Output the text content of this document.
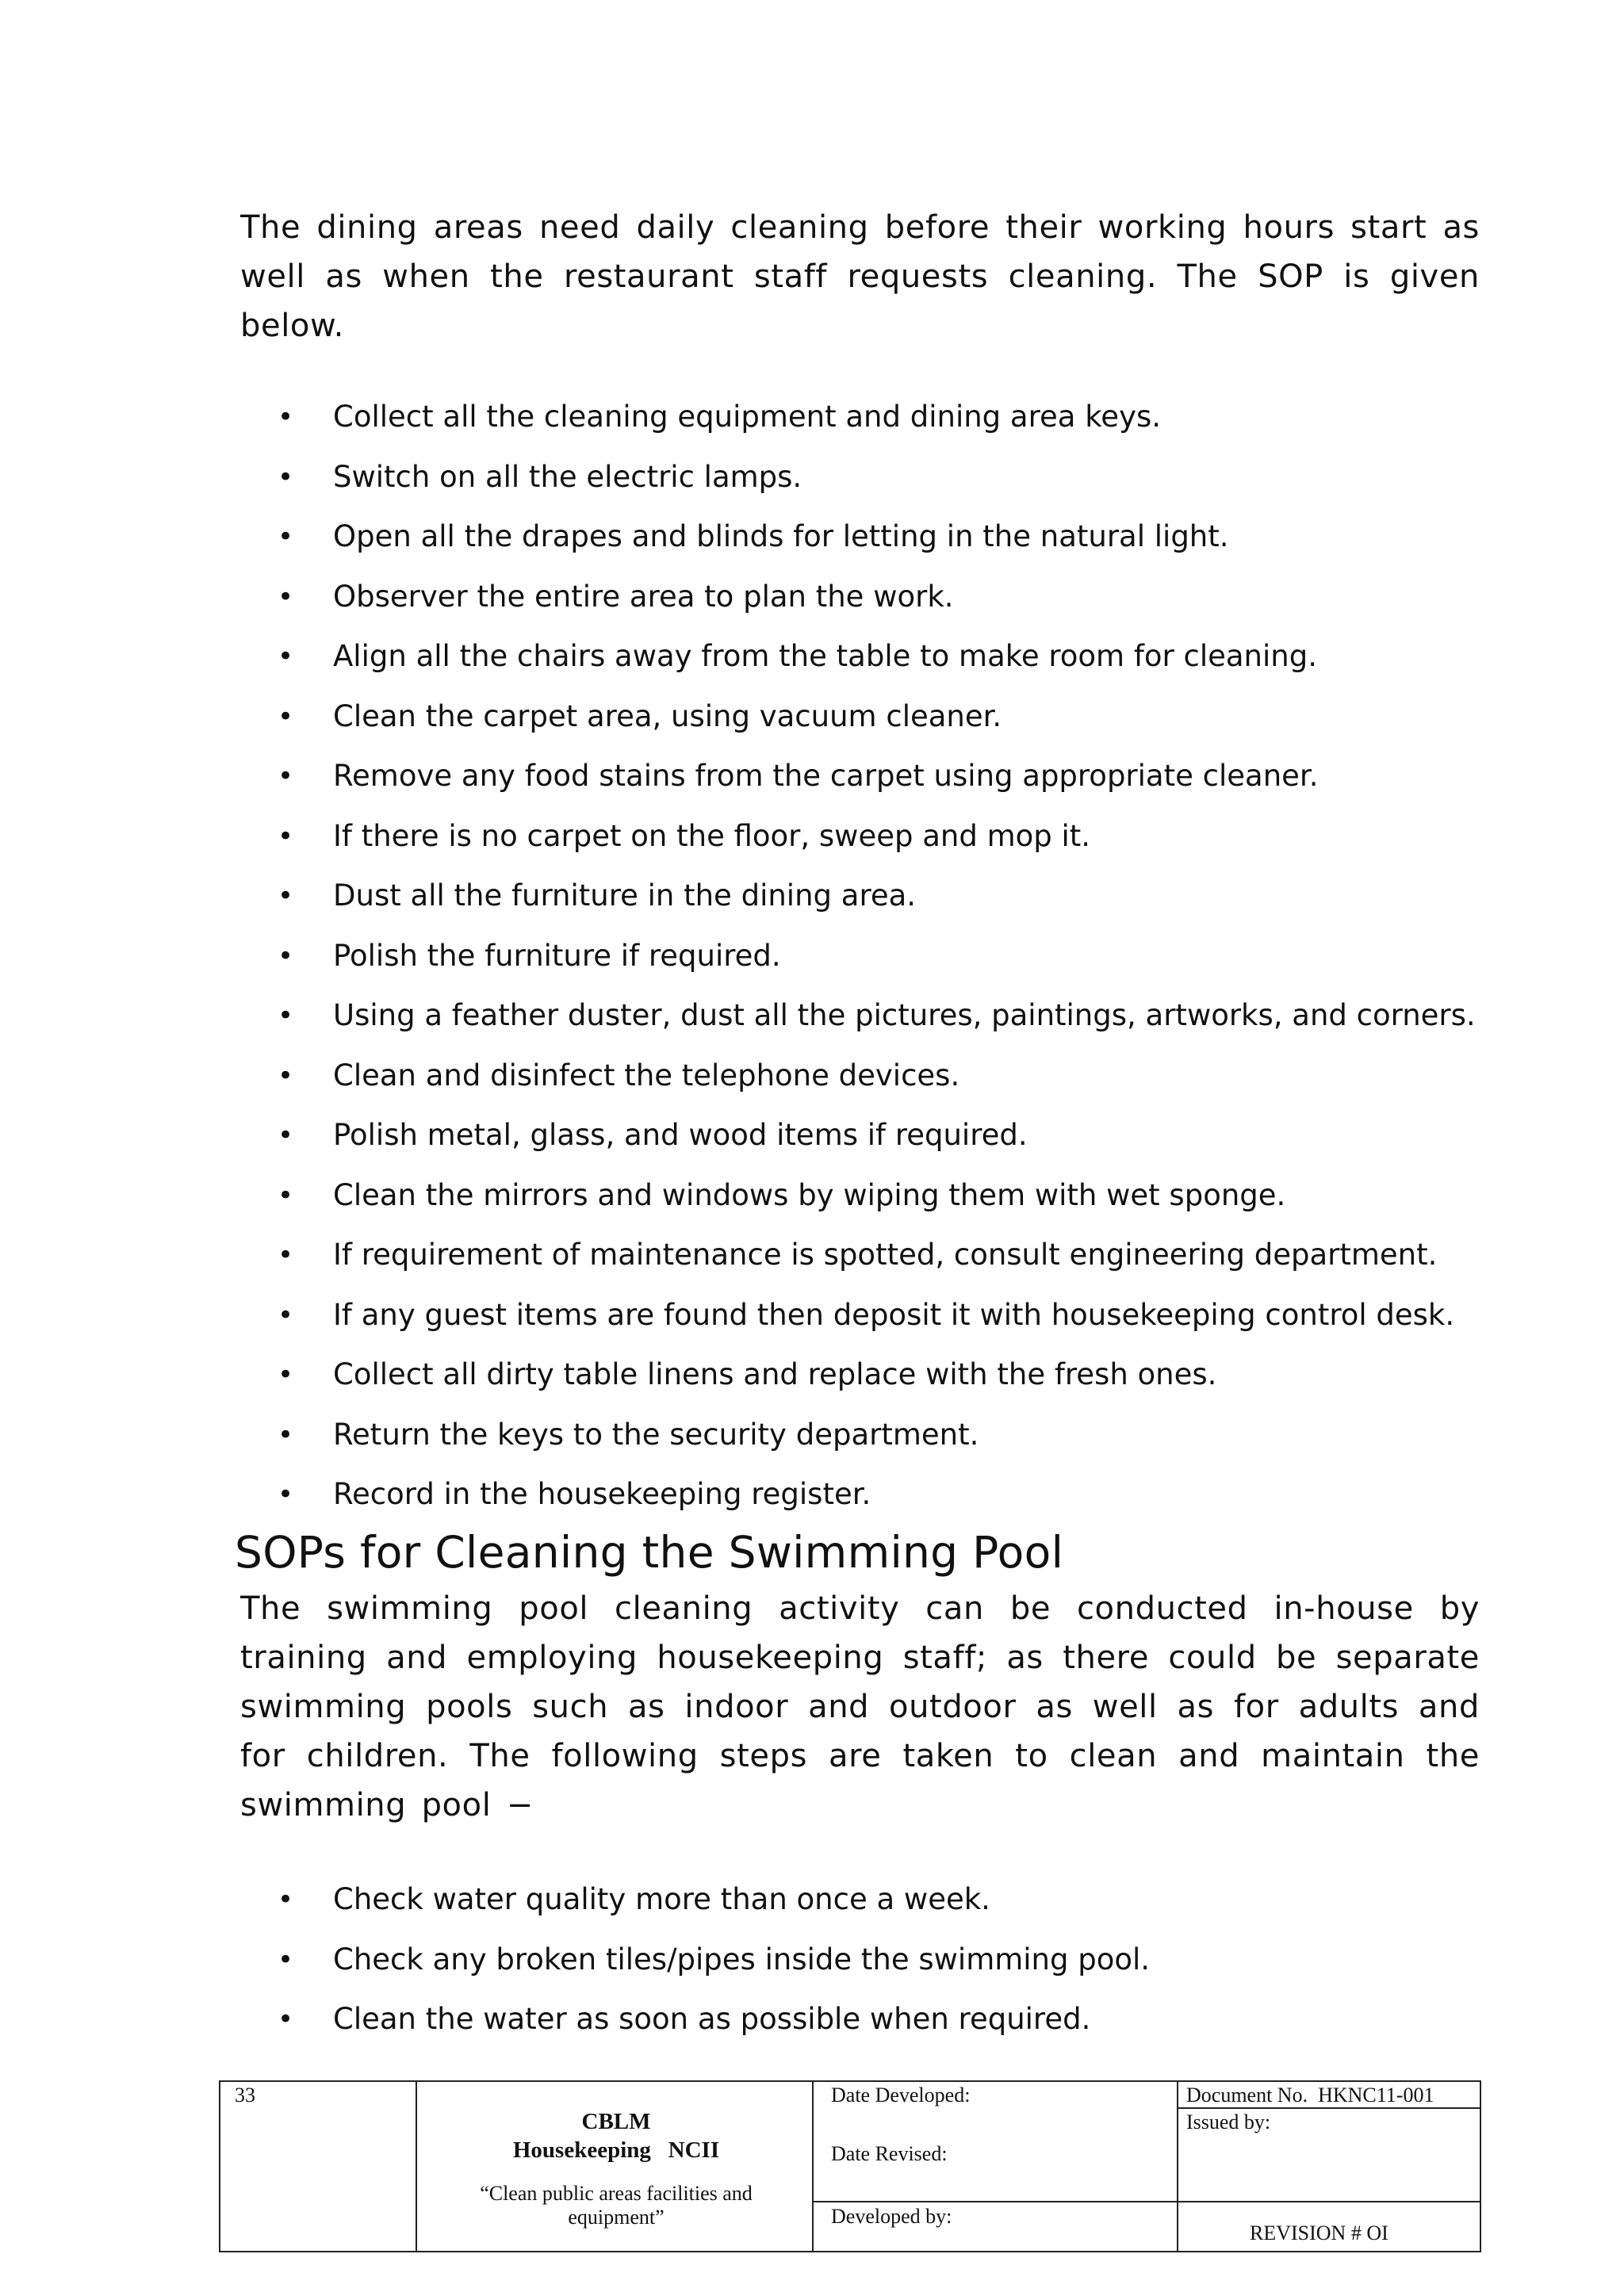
The dining areas need daily cleaning before their working hours start as well as when the restaurant staff requests cleaning. The SOP is given below.

• Collect all the cleaning equipment and dining area keys.
• Switch on all the electric lamps.
• Open all the drapes and blinds for letting in the natural light.
• Observer the entire area to plan the work.
• Align all the chairs away from the table to make room for cleaning.
• Clean the carpet area, using vacuum cleaner.
• Remove any food stains from the carpet using appropriate cleaner.
• If there is no carpet on the floor, sweep and mop it.
• Dust all the furniture in the dining area.
• Polish the furniture if required.
• Using a feather duster, dust all the pictures, paintings, artworks, and corners.
• Clean and disinfect the telephone devices.
• Polish metal, glass, and wood items if required.
• Clean the mirrors and windows by wiping them with wet sponge.
• If requirement of maintenance is spotted, consult engineering department.
• If any guest items are found then deposit it with housekeeping control desk.
• Collect all dirty table linens and replace with the fresh ones.
• Return the keys to the security department.
• Record in the housekeeping register.
SOPs for Cleaning the Swimming Pool

The swimming pool cleaning activity can be conducted in-house by training and employing housekeeping staff; as there could be separate swimming pools such as indoor and outdoor as well as for adults and for children. The following steps are taken to clean and maintain the swimming pool −

• Check water quality more than once a week.
• Check any broken tiles/pipes inside the swimming pool.
• Clean the water as soon as possible when required.
33
CBLM
Housekeeping   NCII
“Clean public areas facilities and
equipment”
Date Developed:
Date Revised:
Developed by:
Document No.  HKNC11-001
Issued by:
REVISION # OI
